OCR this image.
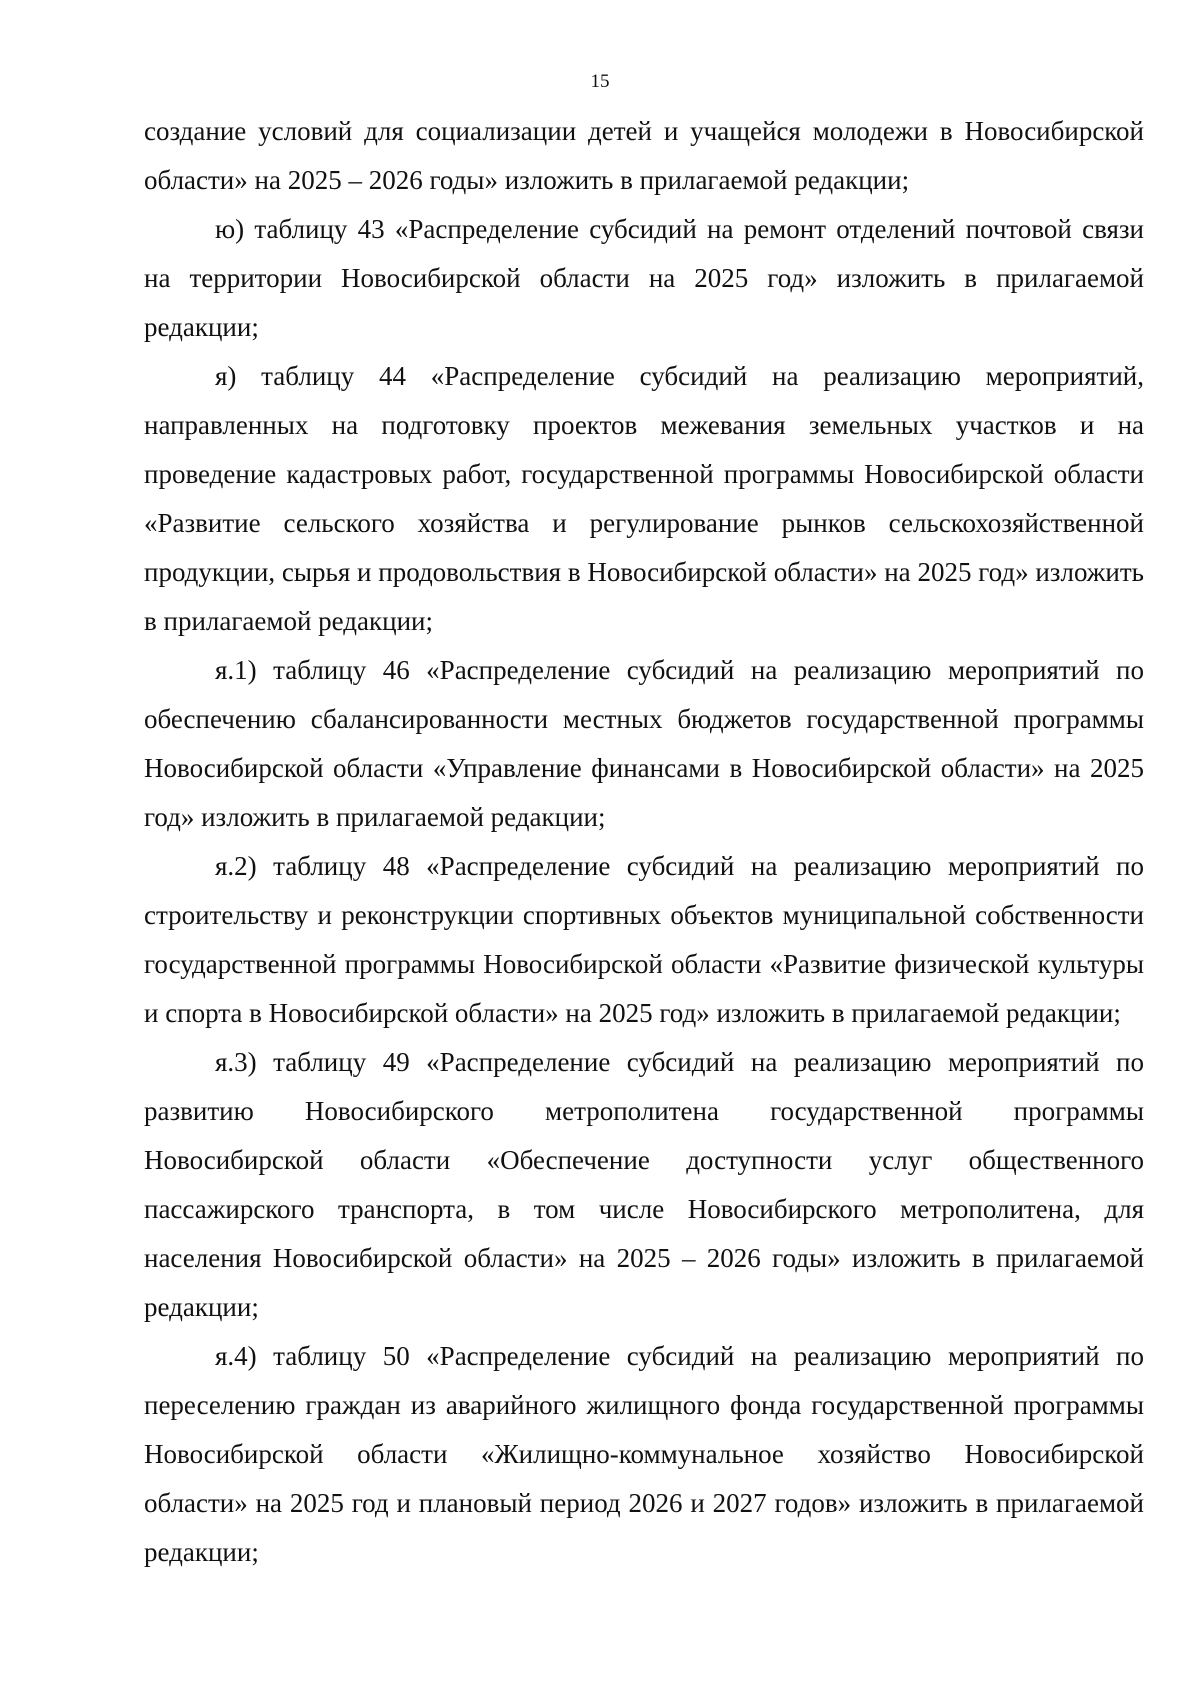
15

создание условий для социализации детей и учащейся молодежи в Новосибирской области» на 2025 – 2026 годы» изложить в прилагаемой редакции;

ю) таблицу 43 «Распределение субсидий на ремонт отделений почтовой связи на территории Новосибирской области на 2025 год» изложить в прилагаемой редакции;

я) таблицу 44 «Распределение субсидий на реализацию мероприятий, направленных на подготовку проектов межевания земельных участков и на проведение кадастровых работ, государственной программы Новосибирской области «Развитие сельского хозяйства и регулирование рынков сельскохозяйственной продукции, сырья и продовольствия в Новосибирской области» на 2025 год» изложить в прилагаемой редакции;

я.1) таблицу 46 «Распределение субсидий на реализацию мероприятий по обеспечению сбалансированности местных бюджетов государственной программы Новосибирской области «Управление финансами в Новосибирской области» на 2025 год» изложить в прилагаемой редакции;

я.2) таблицу 48 «Распределение субсидий на реализацию мероприятий по строительству и реконструкции спортивных объектов муниципальной собственности государственной программы Новосибирской области «Развитие физической культуры и спорта в Новосибирской области» на 2025 год» изложить в прилагаемой редакции;

я.3) таблицу 49 «Распределение субсидий на реализацию мероприятий по развитию Новосибирского метрополитена государственной программы Новосибирской области «Обеспечение доступности услуг общественного пассажирского транспорта, в том числе Новосибирского метрополитена, для населения Новосибирской области» на 2025 – 2026 годы» изложить в прилагаемой редакции;

я.4) таблицу 50 «Распределение субсидий на реализацию мероприятий по переселению граждан из аварийного жилищного фонда государственной программы Новосибирской области «Жилищно-коммунальное хозяйство Новосибирской области» на 2025 год и плановый период 2026 и 2027 годов» изложить в прилагаемой редакции;
